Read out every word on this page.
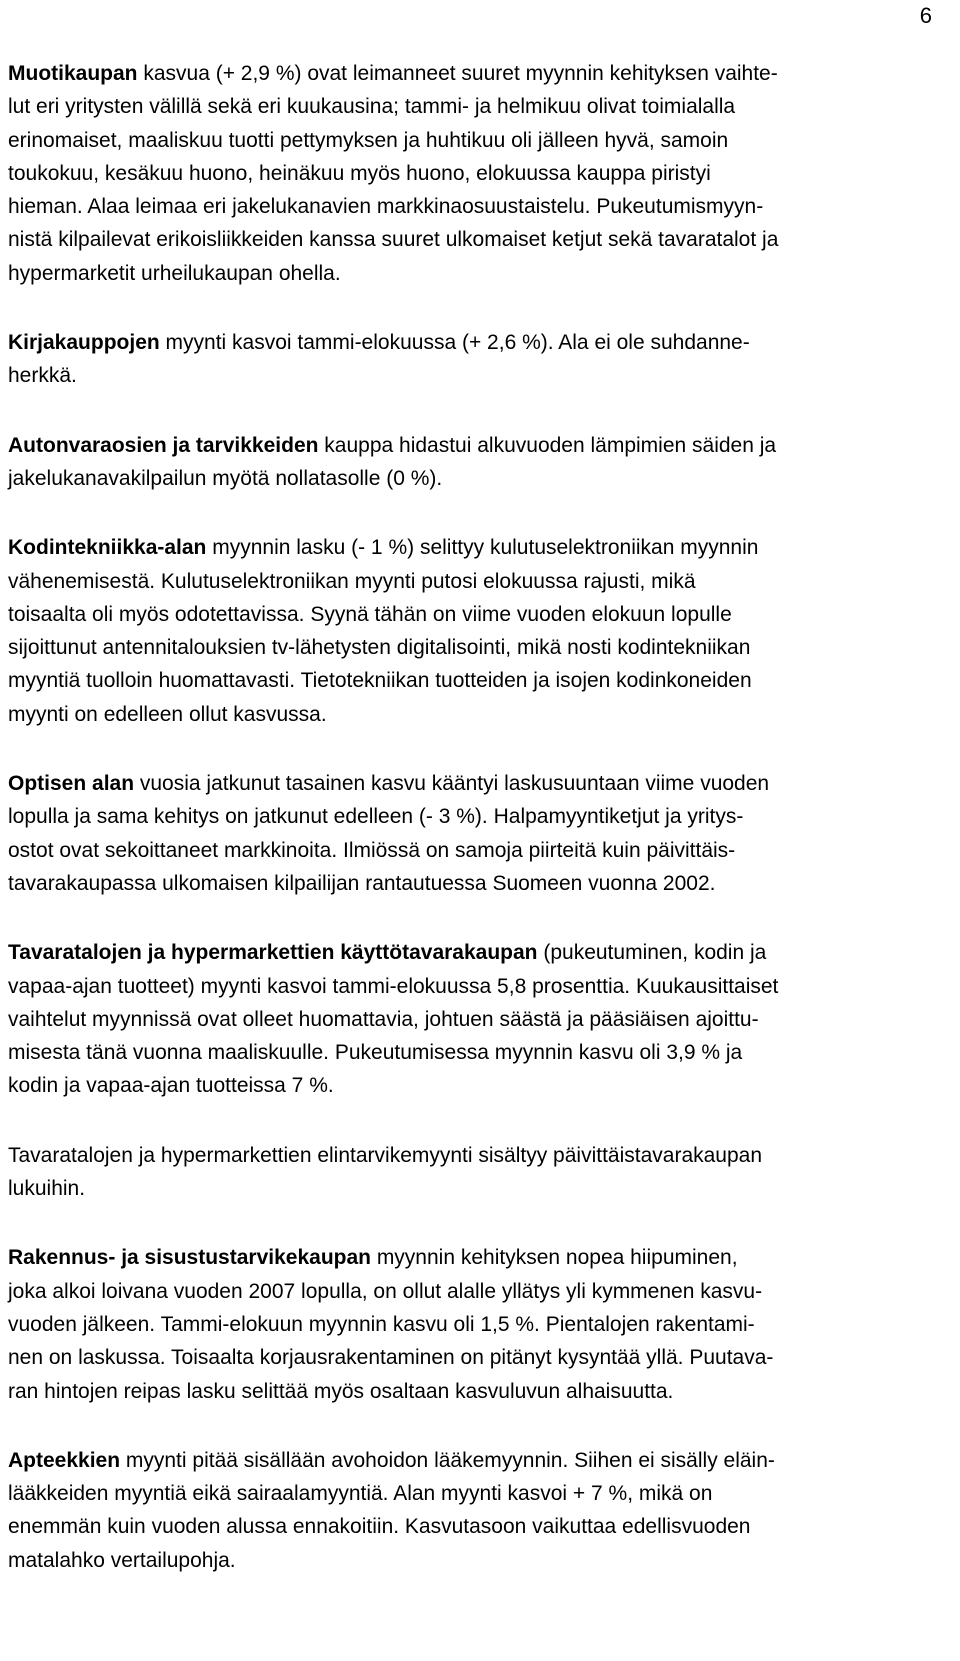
6

Muotikaupan kasvua (+ 2,9 %) ovat leimanneet suuret myynnin kehityksen vaihte-
lut eri yritysten välillä sekä eri kuukausina; tammi- ja helmikuu olivat toimialalla
erinomaiset, maaliskuu tuotti pettymyksen ja huhtikuu oli jälleen hyvä, samoin
toukokuu, kesäkuu huono, heinäkuu myös huono, elokuussa kauppa piristyi
hieman. Alaa leimaa eri jakelukanavien markkinaosuustaistelu. Pukeutumismyyn-
nistä kilpailevat erikoisliikkeiden kanssa suuret ulkomaiset ketjut sekä tavaratalot ja
hypermarketit urheilukaupan ohella.

Kirjakauppojen myynti kasvoi tammi-elokuussa (+ 2,6 %). Ala ei ole suhdanne-
herkkä.

Autonvaraosien ja tarvikkeiden kauppa hidastui alkuvuoden lämpimien säiden ja
jakelukanavakilpailun myötä nollatasolle (0 %).

Kodintekniikka-alan myynnin lasku (- 1 %) selittyy kulutuselektroniikan myynnin
vähenemisestä. Kulutuselektroniikan myynti putosi elokuussa rajusti, mikä
toisaalta oli myös odotettavissa. Syynä tähän on viime vuoden elokuun lopulle
sijoittunut antennitalouksien tv-lähetysten digitalisointi, mikä nosti kodintekniikan
myyntiä tuolloin huomattavasti. Tietotekniikan tuotteiden ja isojen kodinkoneiden
myynti on edelleen ollut kasvussa.

Optisen alan vuosia jatkunut tasainen kasvu kääntyi laskusuuntaan viime vuoden
lopulla ja sama kehitys on jatkunut edelleen (- 3 %). Halpamyyntiketjut ja yritys-
ostot ovat sekoittaneet markkinoita. Ilmiössä on samoja piirteitä kuin päivittäis-
tavarakaupassa ulkomaisen kilpailijan rantautuessa Suomeen vuonna 2002.

Tavaratalojen ja hypermarkettien käyttötavarakaupan (pukeutuminen, kodin ja
vapaa-ajan tuotteet) myynti kasvoi tammi-elokuussa 5,8 prosenttia. Kuukausittaiset
vaihtelut myynnissä ovat olleet huomattavia, johtuen säästä ja pääsiäisen ajoittu-
misesta tänä vuonna maaliskuulle. Pukeutumisessa myynnin kasvu oli 3,9 % ja
kodin ja vapaa-ajan tuotteissa 7 %.

Tavaratalojen ja hypermarkettien elintarvikemyynti sisältyy päivittäistavarakaupan
lukuihin.

Rakennus- ja sisustustarvikekaupan myynnin kehityksen nopea hiipuminen,
joka alkoi loivana vuoden 2007 lopulla, on ollut alalle yllätys yli kymmenen kasvu-
vuoden jälkeen. Tammi-elokuun myynnin kasvu oli 1,5 %. Pientalojen rakentami-
nen on laskussa. Toisaalta korjausrakentaminen on pitänyt kysyntää yllä. Puutava-
ran hintojen reipas lasku selittää myös osaltaan kasvuluvun alhaisuutta.

Apteekkien myynti pitää sisällään avohoidon lääkemyynnin. Siihen ei sisälly eläin-
lääkkeiden myyntiä eikä sairaalamyyntiä. Alan myynti kasvoi + 7 %, mikä on
enemmän kuin vuoden alussa ennakoitiin. Kasvutasoon vaikuttaa edellisvuoden
matalahko vertailupohja.
